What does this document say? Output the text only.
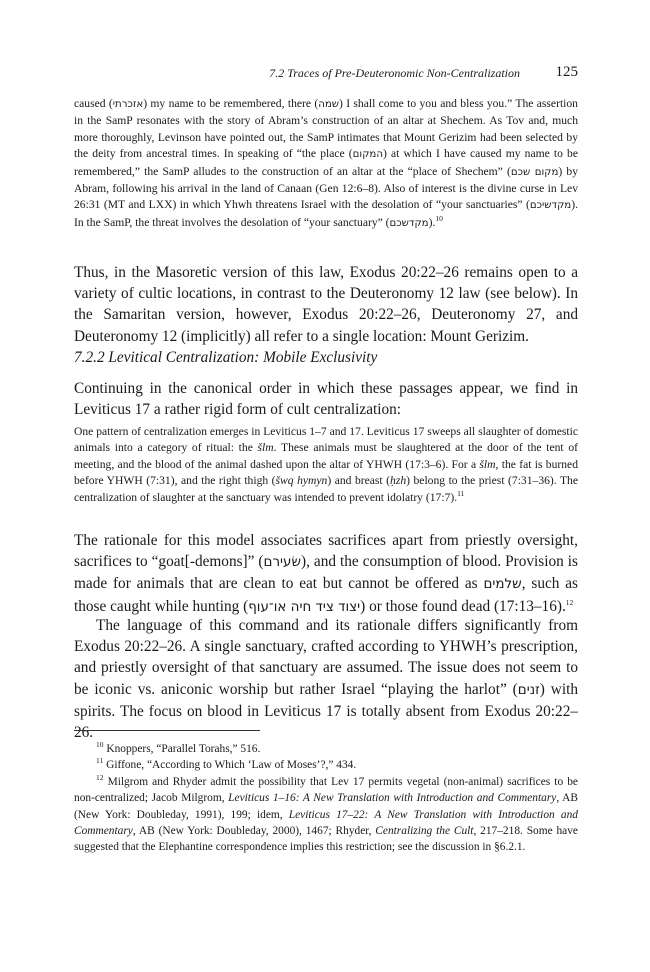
7.2 Traces of Pre-Deuteronomic Non-Centralization 125
caused (אזכרתי) my name to be remembered, there (שמה) I shall come to you and bless you.” The assertion in the SamP resonates with the story of Abram’s construction of an altar at Shechem. As Tov and, much more thoroughly, Levinson have pointed out, the SamP intimates that Mount Gerizim had been selected by the deity from ancestral times. In speaking of “the place (המקום) at which I have caused my name to be remembered,” the SamP alludes to the construction of an altar at the “place of Shechem” (מקום שכם) by Abram, following his arrival in the land of Canaan (Gen 12:6–8). Also of interest is the divine curse in Lev 26:31 (MT and LXX) in which Yhwh threatens Israel with the desolation of “your sanctuaries” (מקדשיכם). In the SamP, the threat involves the desolation of “your sanctuary” (מקדשכם).$^{10}$

Thus, in the Masoretic version of this law, Exodus 20:22–26 remains open to a variety of cultic locations, in contrast to the Deuteronomy 12 law (see below). In the Samaritan version, however, Exodus 20:22–26, Deuteronomy 27, and Deuteronomy 12 (implicitly) all refer to a single location: Mount Gerizim.

7.2.2 Levitical Centralization: Mobile Exclusivity

Continuing in the canonical order in which these passages appear, we find in Leviticus 17 a rather rigid form of cult centralization:

One pattern of centralization emerges in Leviticus 1–7 and 17. Leviticus 17 sweeps all slaughter of domestic animals into a category of ritual: the šlm. These animals must be slaughtered at the door of the tent of meeting, and the blood of the animal dashed upon the altar of YHWH (17:3–6). For a šlm, the fat is burned before YHWH (7:31), and the right thigh (šwq hymyn) and breast (ḥzh) belong to the priest (7:31–36). The centralization of slaughter at the sanctuary was intended to prevent idolatry (17:7).$^{11}$

The rationale for this model associates sacrifices apart from priestly oversight, sacrifices to “goat[-demons]” (שׂעירם), and the consumption of blood. Provision is made for animals that are clean to eat but cannot be offered as שלמים, such as those caught while hunting (יצוד ציד חיה או־עוף) or those found dead (17:13–16).$^{12}$

The language of this command and its rationale differs significantly from Exodus 20:22–26. A single sanctuary, crafted according to YHWH’s prescription, and priestly oversight of that sanctuary are assumed. The issue does not seem to be iconic vs. aniconic worship but rather Israel “playing the harlot” (זנים) with spirits. The focus on blood in Leviticus 17 is totally absent from Exodus 20:22–26.

$^{10}$ Knoppers, “Parallel Torahs,” 516.

$^{11}$ Giffone, “According to Which ‘Law of Moses’?,” 434.

$^{12}$ Milgrom and Rhyder admit the possibility that Lev 17 permits vegetal (non-animal) sacrifices to be non-centralized; Jacob Milgrom, Leviticus 1–16: A New Translation with Introduction and Commentary, AB (New York: Doubleday, 1991), 199; idem, Leviticus 17–22: A New Translation with Introduction and Commentary, AB (New York: Doubleday, 2000), 1467; Rhyder, Centralizing the Cult, 217–218. Some have suggested that the Elephantine correspondence implies this restriction; see the discussion in §6.2.1.
